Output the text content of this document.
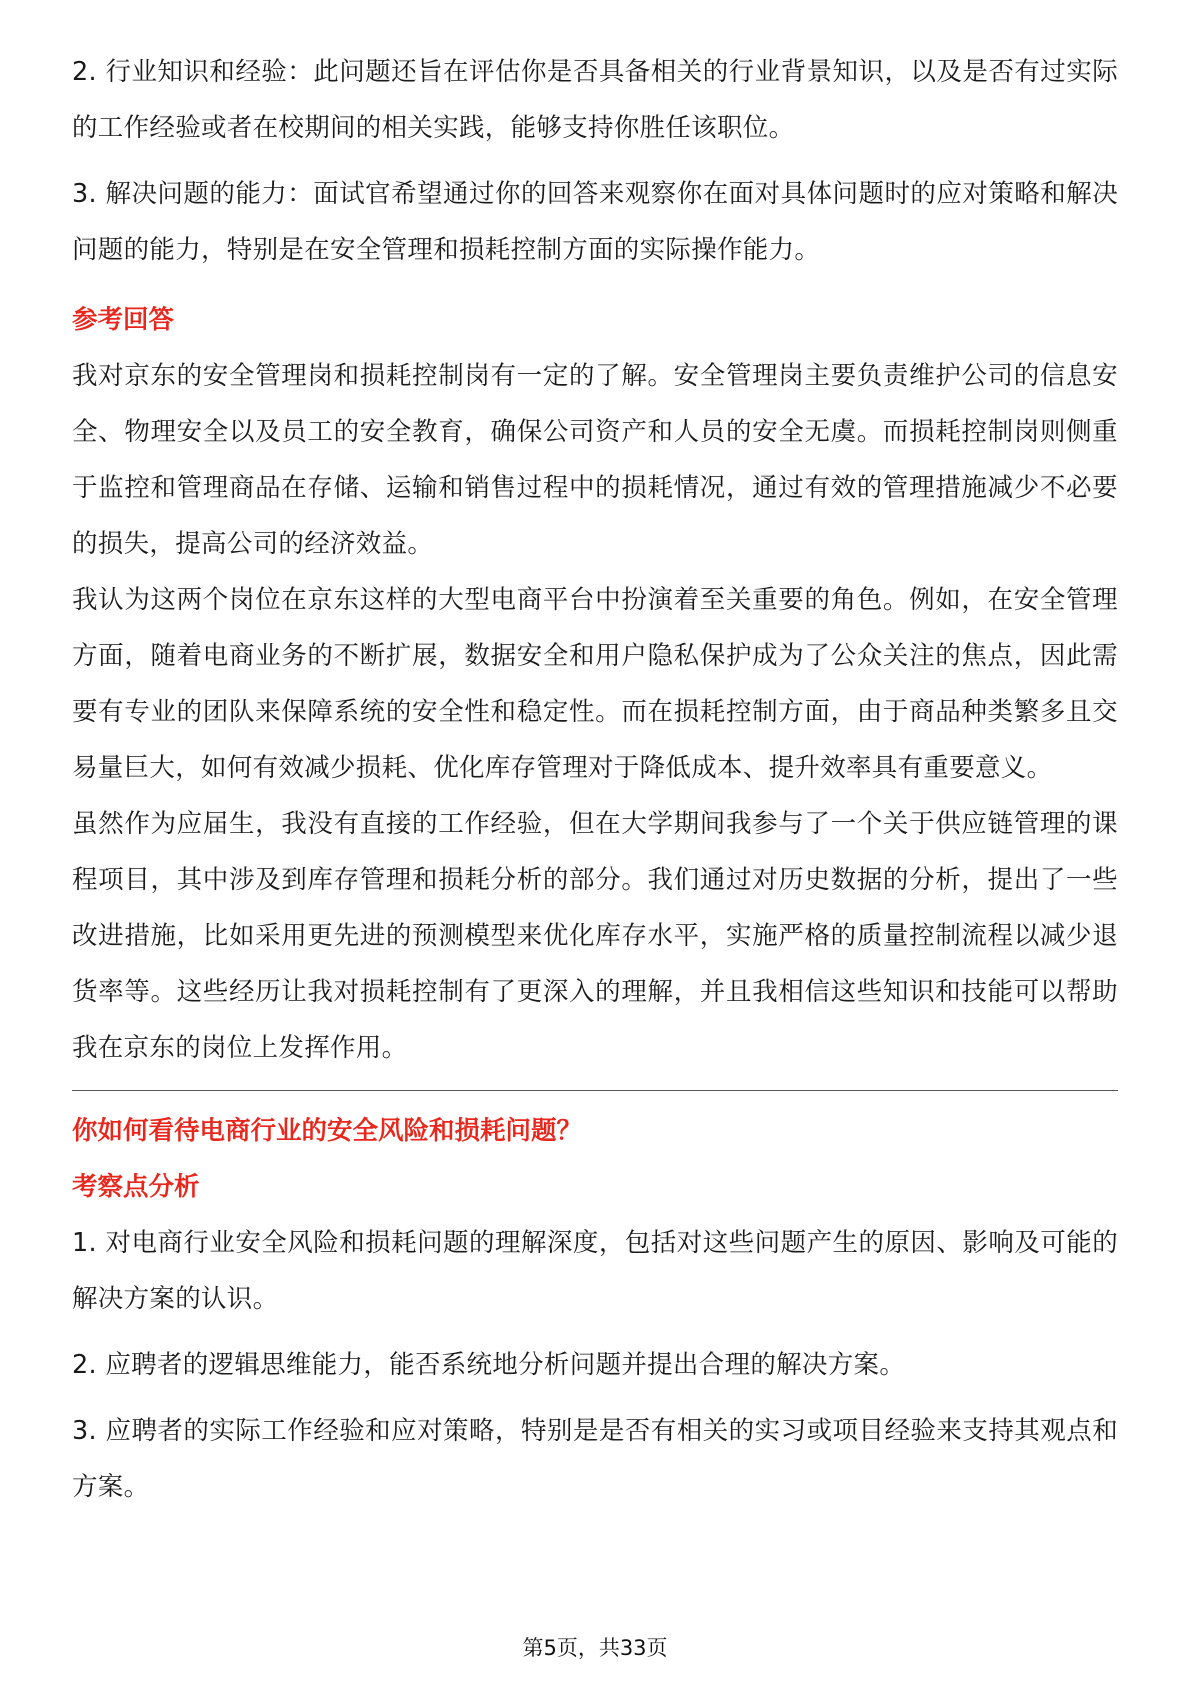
2. 行业知识和经验：此问题还旨在评估你是否具备相关的行业背景知识，以及是否有过实际的工作经验或者在校期间的相关实践，能够支持你胜任该职位。

3. 解决问题的能力：面试官希望通过你的回答来观察你在面对具体问题时的应对策略和解决问题的能力，特别是在安全管理和损耗控制方面的实际操作能力。

参考回答

我对京东的安全管理岗和损耗控制岗有一定的了解。安全管理岗主要负责维护公司的信息安全、物理安全以及员工的安全教育，确保公司资产和人员的安全无虞。而损耗控制岗则侧重于监控和管理商品在存储、运输和销售过程中的损耗情况，通过有效的管理措施减少不必要的损失，提高公司的经济效益。

我认为这两个岗位在京东这样的大型电商平台中扮演着至关重要的角色。例如，在安全管理方面，随着电商业务的不断扩展，数据安全和用户隐私保护成为了公众关注的焦点，因此需要有专业的团队来保障系统的安全性和稳定性。而在损耗控制方面，由于商品种类繁多且交易量巨大，如何有效减少损耗、优化库存管理对于降低成本、提升效率具有重要意义。

虽然作为应届生，我没有直接的工作经验，但在大学期间我参与了一个关于供应链管理的课程项目，其中涉及到库存管理和损耗分析的部分。我们通过对历史数据的分析，提出了一些改进措施，比如采用更先进的预测模型来优化库存水平，实施严格的质量控制流程以减少退货率等。这些经历让我对损耗控制有了更深入的理解，并且我相信这些知识和技能可以帮助我在京东的岗位上发挥作用。

你如何看待电商行业的安全风险和损耗问题？

考察点分析

1. 对电商行业安全风险和损耗问题的理解深度，包括对这些问题产生的原因、影响及可能的解决方案的认识。

2. 应聘者的逻辑思维能力，能否系统地分析问题并提出合理的解决方案。

3. 应聘者的实际工作经验和应对策略，特别是是否有相关的实习或项目经验来支持其观点和方案。

第5页，共33页
